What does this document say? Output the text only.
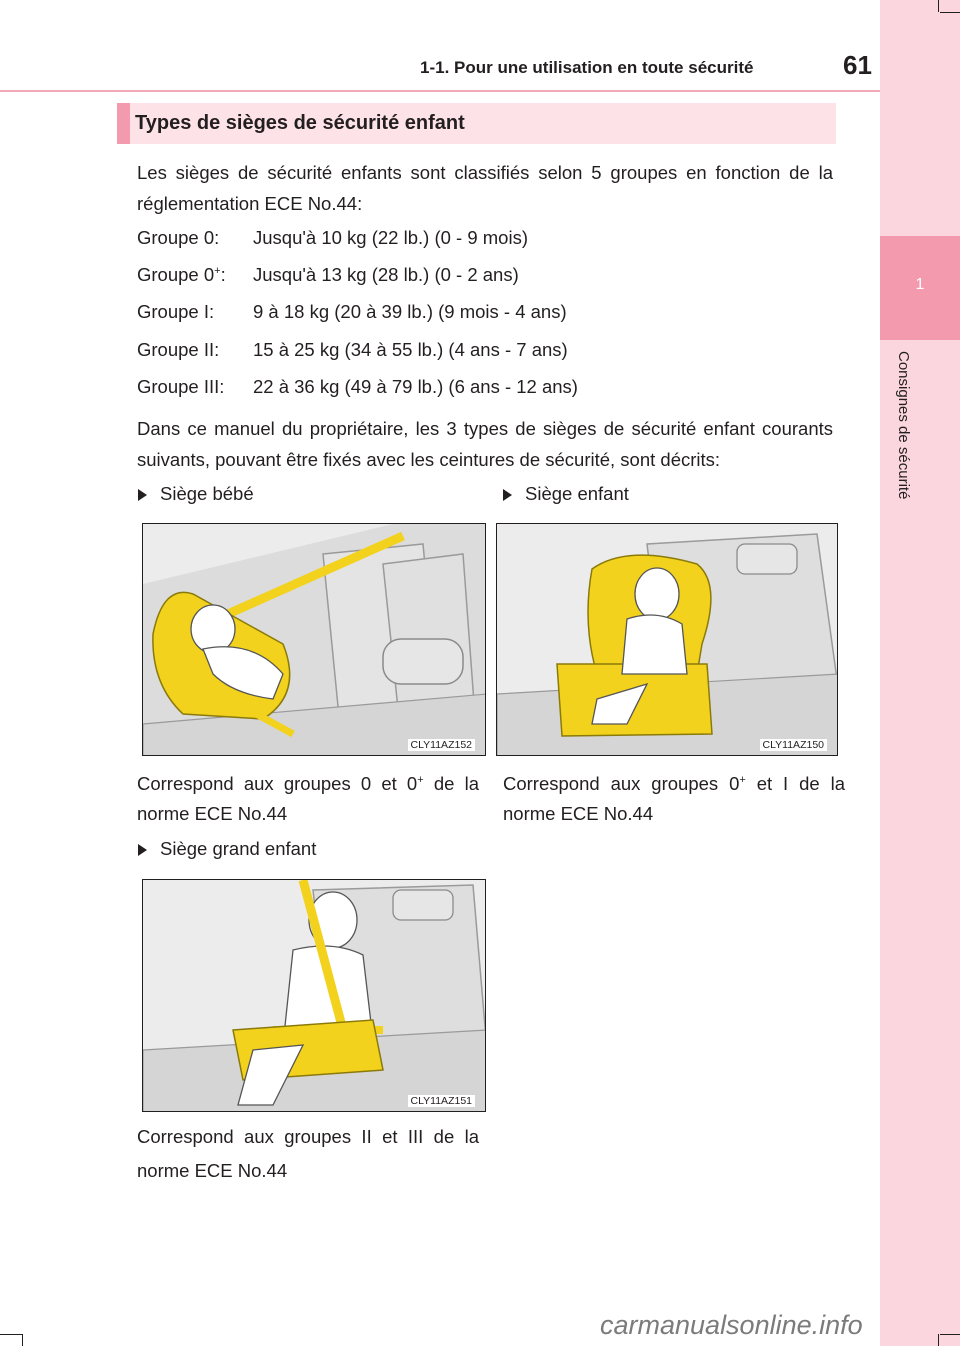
1-1. Pour une utilisation en toute sécurité	61
1
Consignes de sécurité
Types de sièges de sécurité enfant

Les sièges de sécurité enfants sont classifiés selon 5 groupes en fonction de la réglementation ECE No.44:

Groupe 0: Jusqu'à 10 kg (22 lb.) (0 - 9 mois)
Groupe 0+: Jusqu'à 13 kg (28 lb.) (0 - 2 ans)
Groupe I: 9 à 18 kg (20 à 39 lb.) (9 mois - 4 ans)
Groupe II: 15 à 25 kg (34 à 55 lb.) (4 ans - 7 ans)
Groupe III: 22 à 36 kg (49 à 79 lb.) (6 ans - 12 ans)

Dans ce manuel du propriétaire, les 3 types de sièges de sécurité enfant courants suivants, pouvant être fixés avec les ceintures de sécurité, sont décrits:

Siège bébé
CLY11AZ152

Correspond aux groupes 0 et 0+ de la norme ECE No.44

Siège enfant
CLY11AZ150

Correspond aux groupes 0+ et I de la norme ECE No.44

Siège grand enfant
CLY11AZ151

Correspond aux groupes II et III de la norme ECE No.44

carmanualsonline.info
